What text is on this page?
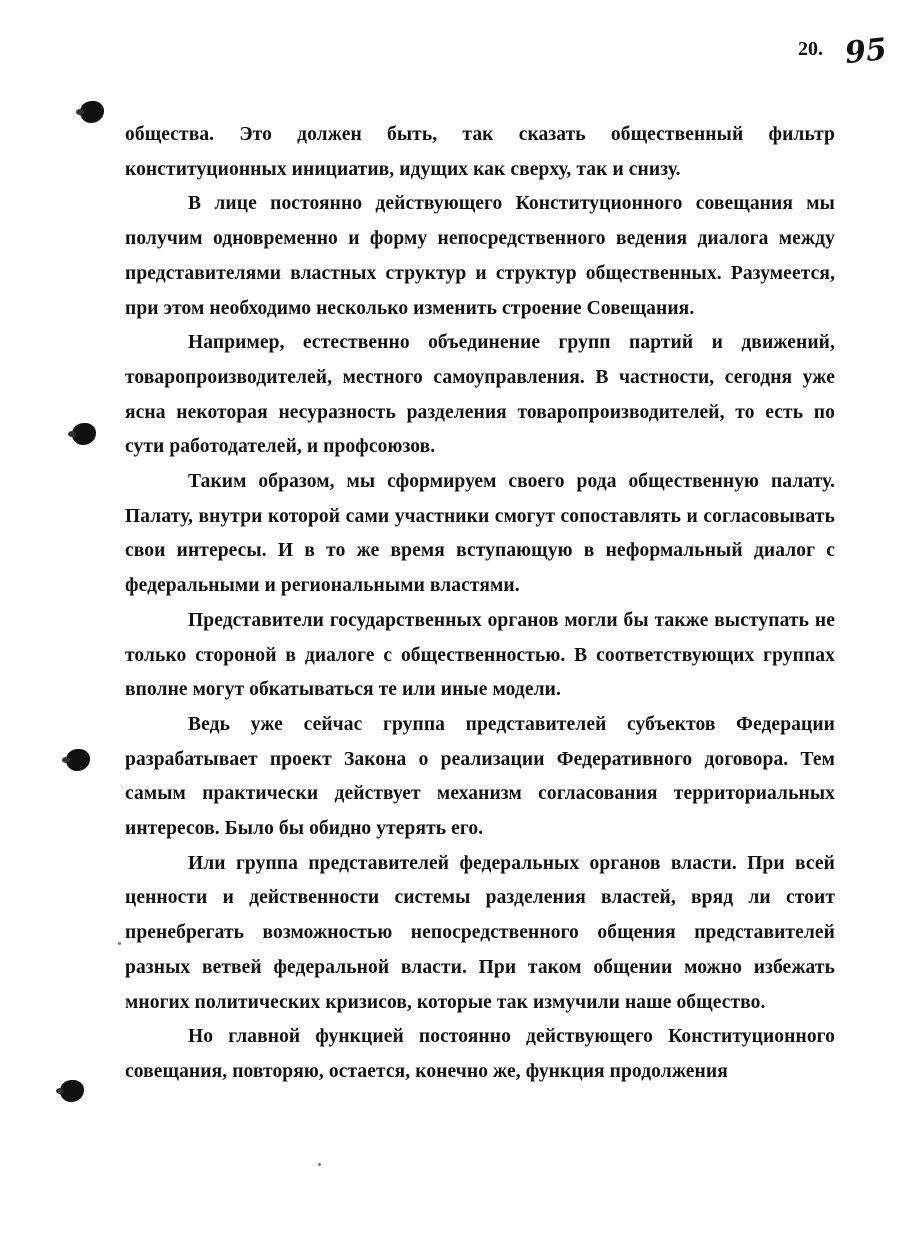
20. 95

общества. Это должен быть, так сказать общественный фильтр конституционных инициатив, идущих как сверху, так и снизу.

В лице постоянно действующего Конституционного совещания мы получим одновременно и форму непосредственного ведения диалога между представителями властных структур и структур общественных. Разумеется, при этом необходимо несколько изменить строение Совещания.

Например, естественно объединение групп партий и движений, товаропроизводителей, местного самоуправления. В частности, сегодня уже ясна некоторая несуразность разделения товаропроизводителей, то есть по сути работодателей, и профсоюзов.

Таким образом, мы сформируем своего рода общественную палату. Палату, внутри которой сами участники смогут сопоставлять и согласовывать свои интересы. И в то же время вступающую в неформальный диалог с федеральными и региональными властями.

Представители государственных органов могли бы также выступать не только стороной в диалоге с общественностью. В соответствующих группах вполне могут обкатываться те или иные модели.

Ведь уже сейчас группа представителей субъектов Федерации разрабатывает проект Закона о реализации Федеративного договора. Тем самым практически действует механизм согласования территориальных интересов. Было бы обидно утерять его.

Или группа представителей федеральных органов власти. При всей ценности и действенности системы разделения властей, вряд ли стоит пренебрегать возможностью непосредственного общения представителей разных ветвей федеральной власти. При таком общении можно избежать многих политических кризисов, которые так измучили наше общество.

Но главной функцией постоянно действующего Конституционного совещания, повторяю, остается, конечно же, функция продолжения
